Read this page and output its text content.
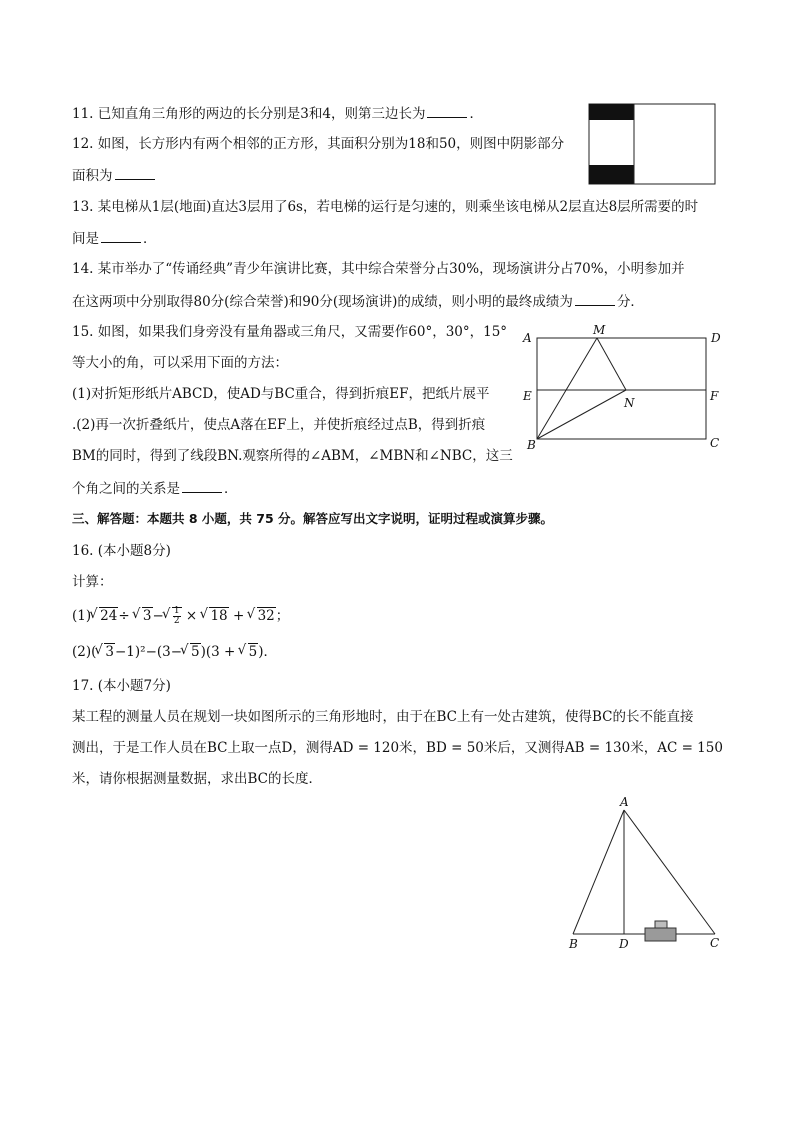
11. 已知直角三角形的两边的长分别是3和4，则第三边长为	．
12. 如图，长方形内有两个相邻的正方形，其面积分别为18和50，则图中阴影部分
面积为
13. 某电梯从1层(地面)直达3层用了6s，若电梯的运行是匀速的，则乘坐该电梯从2层直达8层所需要的时
间是	．
14. 某市举办了“传诵经典”青少年演讲比赛，其中综合荣誉分占30%，现场演讲分占70%，小明参加并
在这两项中分别取得80分(综合荣誉)和90分(现场演讲)的成绩，则小明的最终成绩为	分．
15. 如图，如果我们身旁没有量角器或三角尺，又需要作60°，30°，15°
等大小的角，可以采用下面的方法：
(1)对折矩形纸片ABCD，使AD与BC重合，得到折痕EF，把纸片展平
.(2)再一次折叠纸片，使点A落在EF上，并使折痕经过点B，得到折痕
BM的同时，得到了线段BN.观察所得的∠ABM，∠MBN和∠NBC，这三
个角之间的关系是	．
A
M
D
E	N	F
B	C
三、解答题：本题共 8 小题，共 75 分。解答应写出文字说明，证明过程或演算步骤。
16. (本小题8分)
计算：
(1) √ 24÷ √ 3− √ $\frac{1}{2}$ × √ 18 + √ 32；
(2)( √ 3−1)²−(3− √ 5)(3 + √ 5)．
17. (本小题7分)
某工程的测量人员在规划一块如图所示的三角形地时，由于在BC上有一处古建筑，使得BC的长不能直接
测出，于是工作人员在BC上取一点D，测得AD = 120米，BD = 50米后，又测得AB = 130米，AC = 150
米，请你根据测量数据，求出BC的长度．
A
B	D	C
